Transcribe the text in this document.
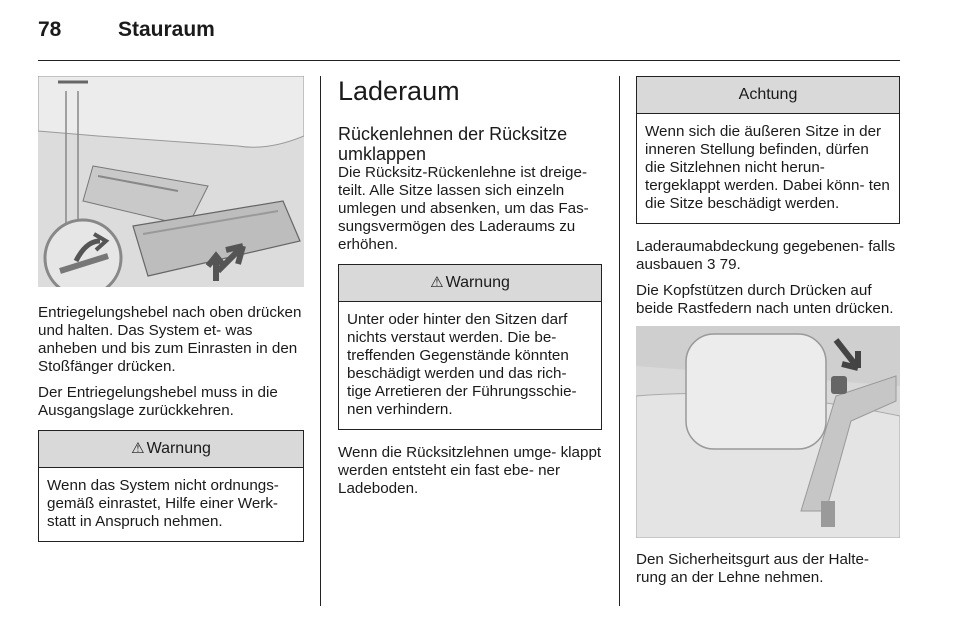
78	Stauraum

Entriegelungshebel nach oben drücken und halten. Das System et- was anheben und bis zum Einrasten in den Stoßfänger drücken.

Der Entriegelungshebel muss in die Ausgangslage zurückkehren.

⚠ Warnung
Wenn das System nicht ordnungs- gemäß einrastet, Hilfe einer Werk- statt in Anspruch nehmen.
Laderaum
Rückenlehnen der Rücksitze umklappen

Die Rücksitz-Rückenlehne ist dreige- teilt. Alle Sitze lassen sich einzeln umlegen und absenken, um das Fas- sungsvermögen des Laderaums zu erhöhen.

⚠ Warnung
Unter oder hinter den Sitzen darf nichts verstaut werden. Die be- treffenden Gegenstände könnten beschädigt werden und das rich- tige Arretieren der Führungsschie- nen verhindern.

Wenn die Rücksitzlehnen umge- klappt werden entsteht ein fast ebe- ner Ladeboden.

Achtung
Wenn sich die äußeren Sitze in der inneren Stellung befinden, dürfen die Sitzlehnen nicht herun- tergeklappt werden. Dabei könn- ten die Sitze beschädigt werden.

Laderaumabdeckung gegebenen- falls ausbauen 3 79.

Die Kopfstützen durch Drücken auf beide Rastfedern nach unten drücken.

Den Sicherheitsgurt aus der Halte- rung an der Lehne nehmen.
